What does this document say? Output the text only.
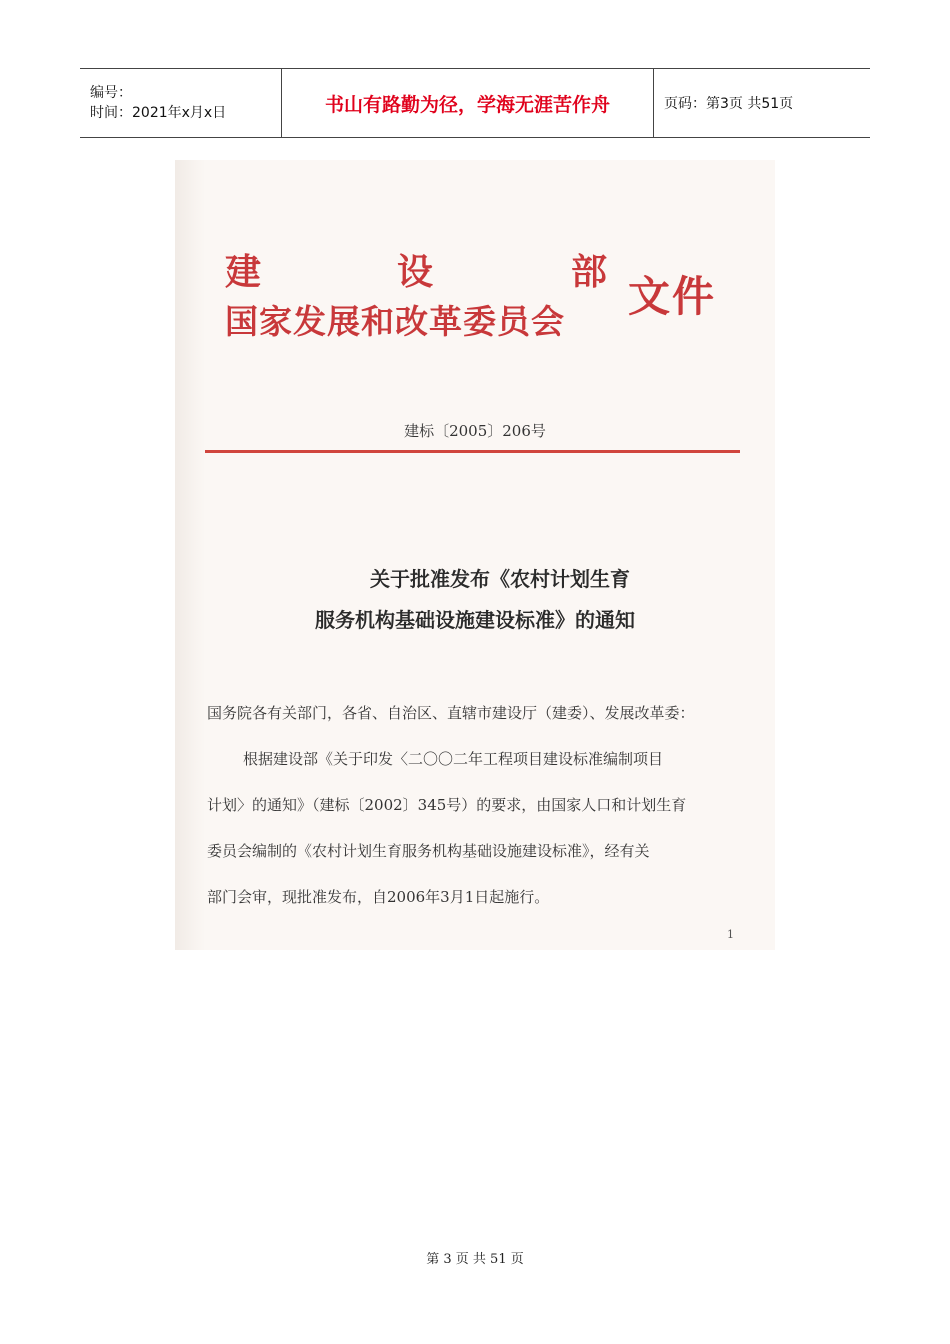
编号：
时间：2021年x月x日	书山有路勤为径，学海无涯苦作舟	页码：第3页 共51页
建	设	部
国家发展和改革委员会
文件
建标〔2005〕206号
关于批准发布《农村计划生育
服务机构基础设施建设标准》的通知
国务院各有关部门，各省、自治区、直辖市建设厅（建委）、发展改革委：
根据建设部《关于印发〈二〇〇二年工程项目建设标准编制项目
计划〉的通知》（建标〔2002〕345号）的要求，由国家人口和计划生育
委员会编制的《农村计划生育服务机构基础设施建设标准》，经有关
部门会审，现批准发布，自2006年3月1日起施行。
1
第 3 页 共 51 页
